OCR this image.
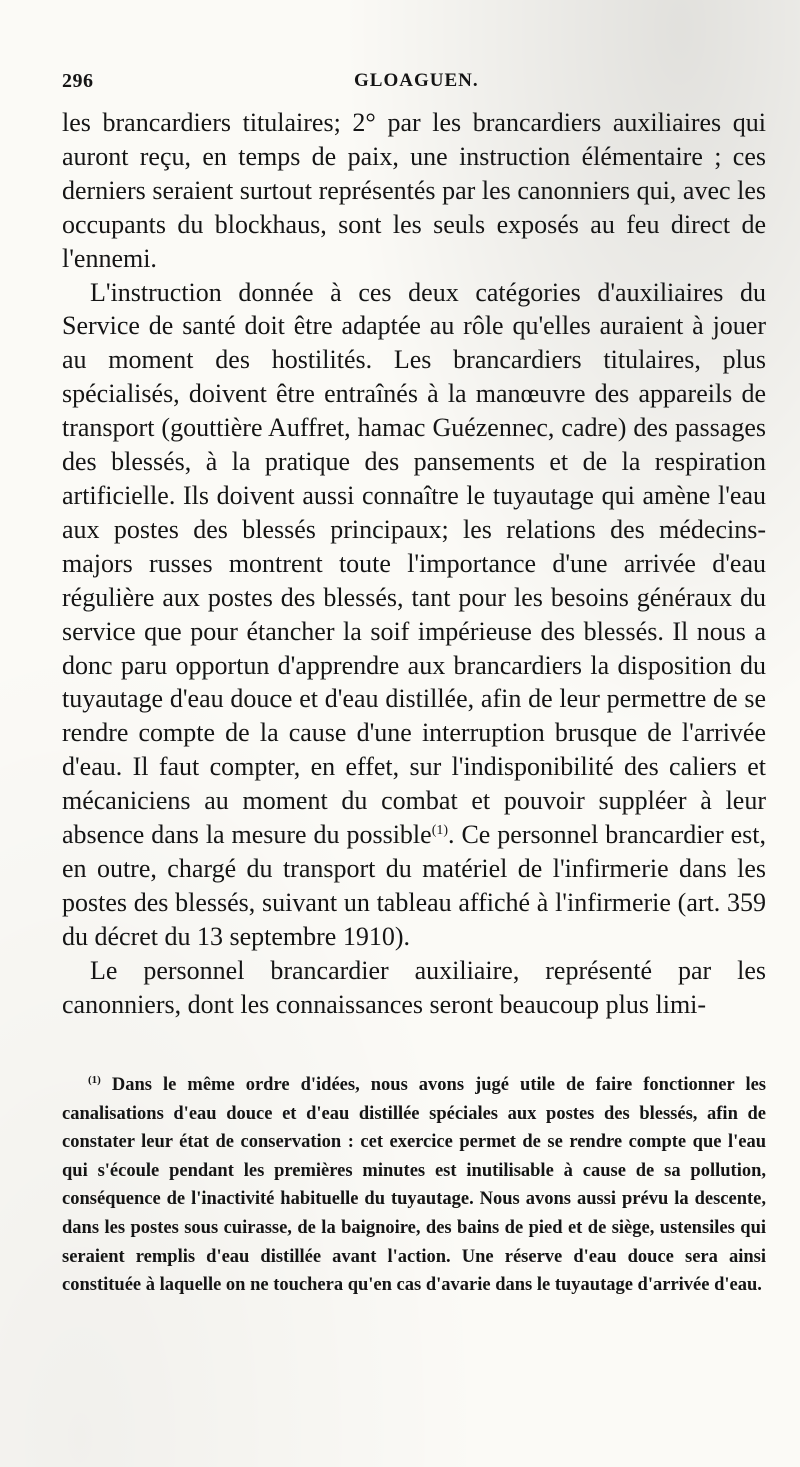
296	GLOAGUEN.

les brancardiers titulaires; 2° par les brancardiers auxiliaires qui auront reçu, en temps de paix, une instruction élémentaire ; ces derniers seraient surtout représentés par les canonniers qui, avec les occupants du blockhaus, sont les seuls exposés au feu direct de l'ennemi.

L'instruction donnée à ces deux catégories d'auxiliaires du Service de santé doit être adaptée au rôle qu'elles auraient à jouer au moment des hostilités. Les brancardiers titulaires, plus spécialisés, doivent être entraînés à la manœuvre des appareils de transport (gouttière Auffret, hamac Guézennec, cadre) des passages des blessés, à la pratique des pansements et de la respiration artificielle. Ils doivent aussi connaître le tuyautage qui amène l'eau aux postes des blessés principaux; les relations des médecins-majors russes montrent toute l'importance d'une arrivée d'eau régulière aux postes des blessés, tant pour les besoins généraux du service que pour étancher la soif impérieuse des blessés. Il nous a donc paru opportun d'apprendre aux brancardiers la disposition du tuyautage d'eau douce et d'eau distillée, afin de leur permettre de se rendre compte de la cause d'une interruption brusque de l'arrivée d'eau. Il faut compter, en effet, sur l'indisponibilité des caliers et mécaniciens au moment du combat et pouvoir suppléer à leur absence dans la mesure du possible$^{(1)}$. Ce personnel brancardier est, en outre, chargé du transport du matériel de l'infirmerie dans les postes des blessés, suivant un tableau affiché à l'infirmerie (art. 359 du décret du 13 septembre 1910).

Le personnel brancardier auxiliaire, représenté par les canonniers, dont les connaissances seront beaucoup plus limi-

$^{(1)}$ Dans le même ordre d'idées, nous avons jugé utile de faire fonctionner les canalisations d'eau douce et d'eau distillée spéciales aux postes des blessés, afin de constater leur état de conservation : cet exercice permet de se rendre compte que l'eau qui s'écoule pendant les premières minutes est inutilisable à cause de sa pollution, conséquence de l'inactivité habituelle du tuyautage. Nous avons aussi prévu la descente, dans les postes sous cuirasse, de la baignoire, des bains de pied et de siège, ustensiles qui seraient remplis d'eau distillée avant l'action. Une réserve d'eau douce sera ainsi constituée à laquelle on ne touchera qu'en cas d'avarie dans le tuyautage d'arrivée d'eau.
